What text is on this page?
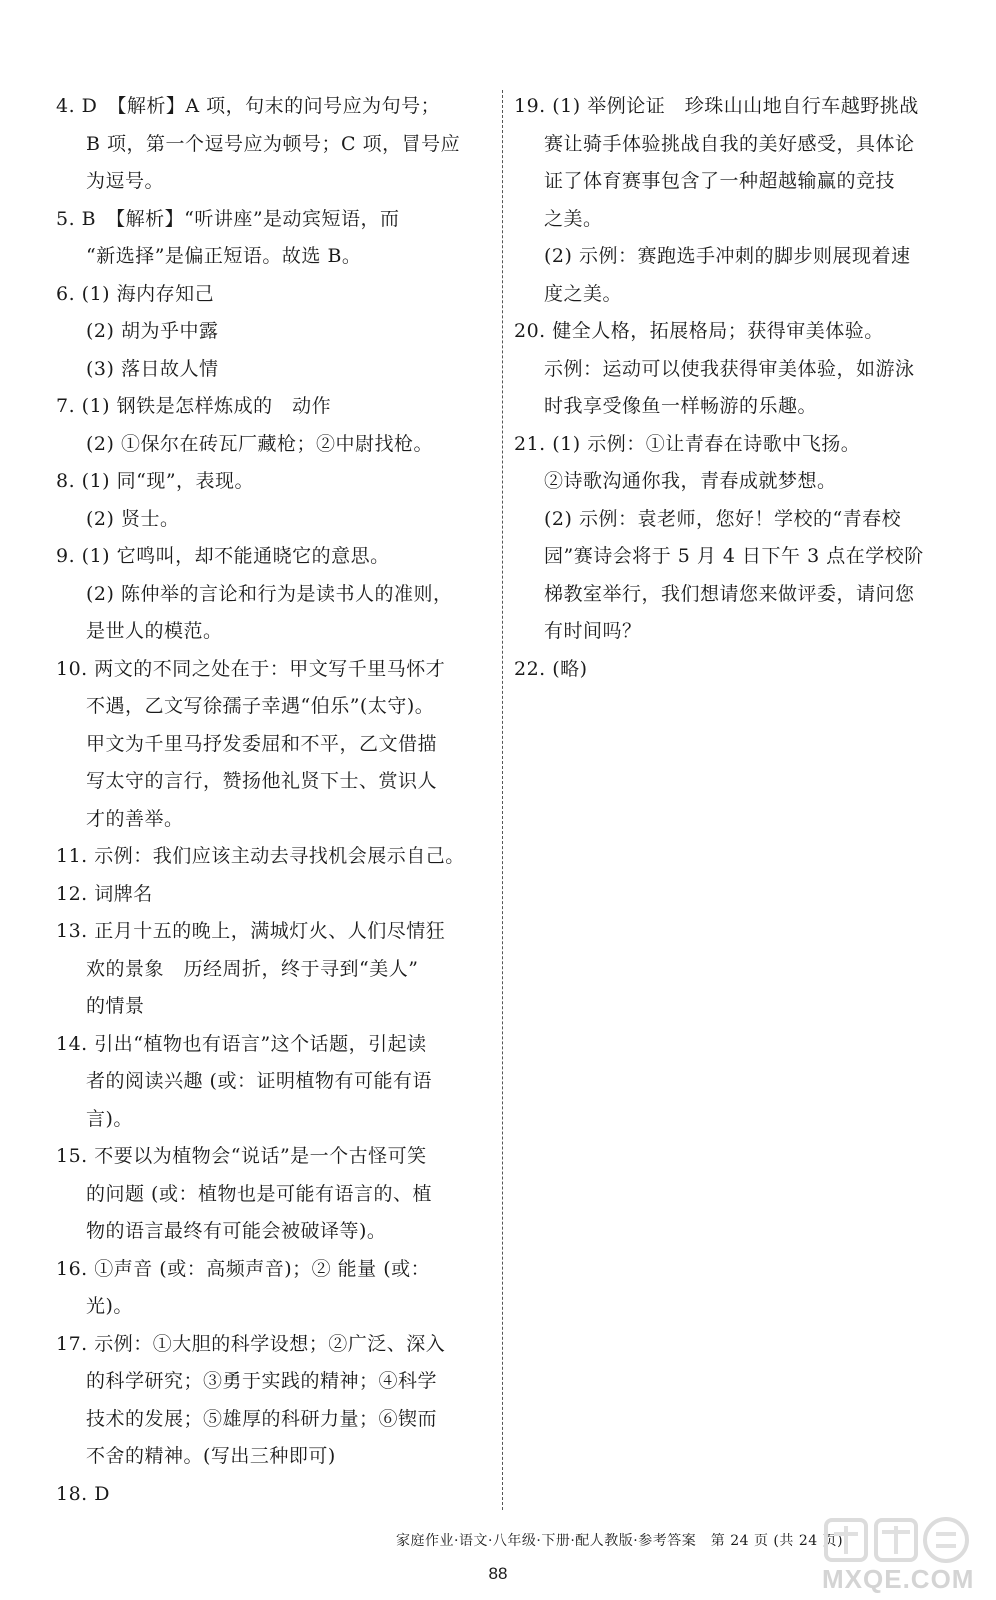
4. D　【解析】A 项，句末的问号应为句号；
B 项，第一个逗号应为顿号；C 项，冒号应
为逗号。
5. B　【解析】“听讲座”是动宾短语，而
“新选择”是偏正短语。故选 B。
6. (1) 海内存知己
(2) 胡为乎中露
(3) 落日故人情
7. (1) 钢铁是怎样炼成的　动作
(2) ①保尔在砖瓦厂藏枪；②中尉找枪。
8. (1) 同“现”，表现。
(2) 贤士。
9. (1) 它鸣叫，却不能通晓它的意思。
(2) 陈仲举的言论和行为是读书人的准则，
是世人的模范。
10. 两文的不同之处在于：甲文写千里马怀才
不遇，乙文写徐孺子幸遇“伯乐”(太守)。
甲文为千里马抒发委屈和不平，乙文借描
写太守的言行，赞扬他礼贤下士、赏识人
才的善举。
11. 示例：我们应该主动去寻找机会展示自己。
12. 词牌名
13. 正月十五的晚上，满城灯火、人们尽情狂
欢的景象　历经周折，终于寻到“美人”
的情景
14. 引出“植物也有语言”这个话题，引起读
者的阅读兴趣 (或：证明植物有可能有语
言)。
15. 不要以为植物会“说话”是一个古怪可笑
的问题 (或：植物也是可能有语言的、植
物的语言最终有可能会被破译等)。
16. ①声音 (或：高频声音)；② 能量 (或：
光)。
17. 示例：①大胆的科学设想；②广泛、深入
的科学研究；③勇于实践的精神；④科学
技术的发展；⑤雄厚的科研力量；⑥锲而
不舍的精神。(写出三种即可)
18. D
19. (1) 举例论证　珍珠山山地自行车越野挑战
赛让骑手体验挑战自我的美好感受，具体论
证了体育赛事包含了一种超越输赢的竞技
之美。
(2) 示例：赛跑选手冲刺的脚步则展现着速
度之美。
20. 健全人格，拓展格局；获得审美体验。
示例：运动可以使我获得审美体验，如游泳
时我享受像鱼一样畅游的乐趣。
21. (1) 示例：①让青春在诗歌中飞扬。
②诗歌沟通你我，青春成就梦想。
(2) 示例：袁老师，您好！学校的“青春校
园”赛诗会将于 5 月 4 日下午 3 点在学校阶
梯教室举行，我们想请您来做评委，请问您
有时间吗？
22. (略)
家庭作业·语文·八年级·下册·配人教版·参考答案　第 24 页 (共 24 页)
88	MXQE.COM
